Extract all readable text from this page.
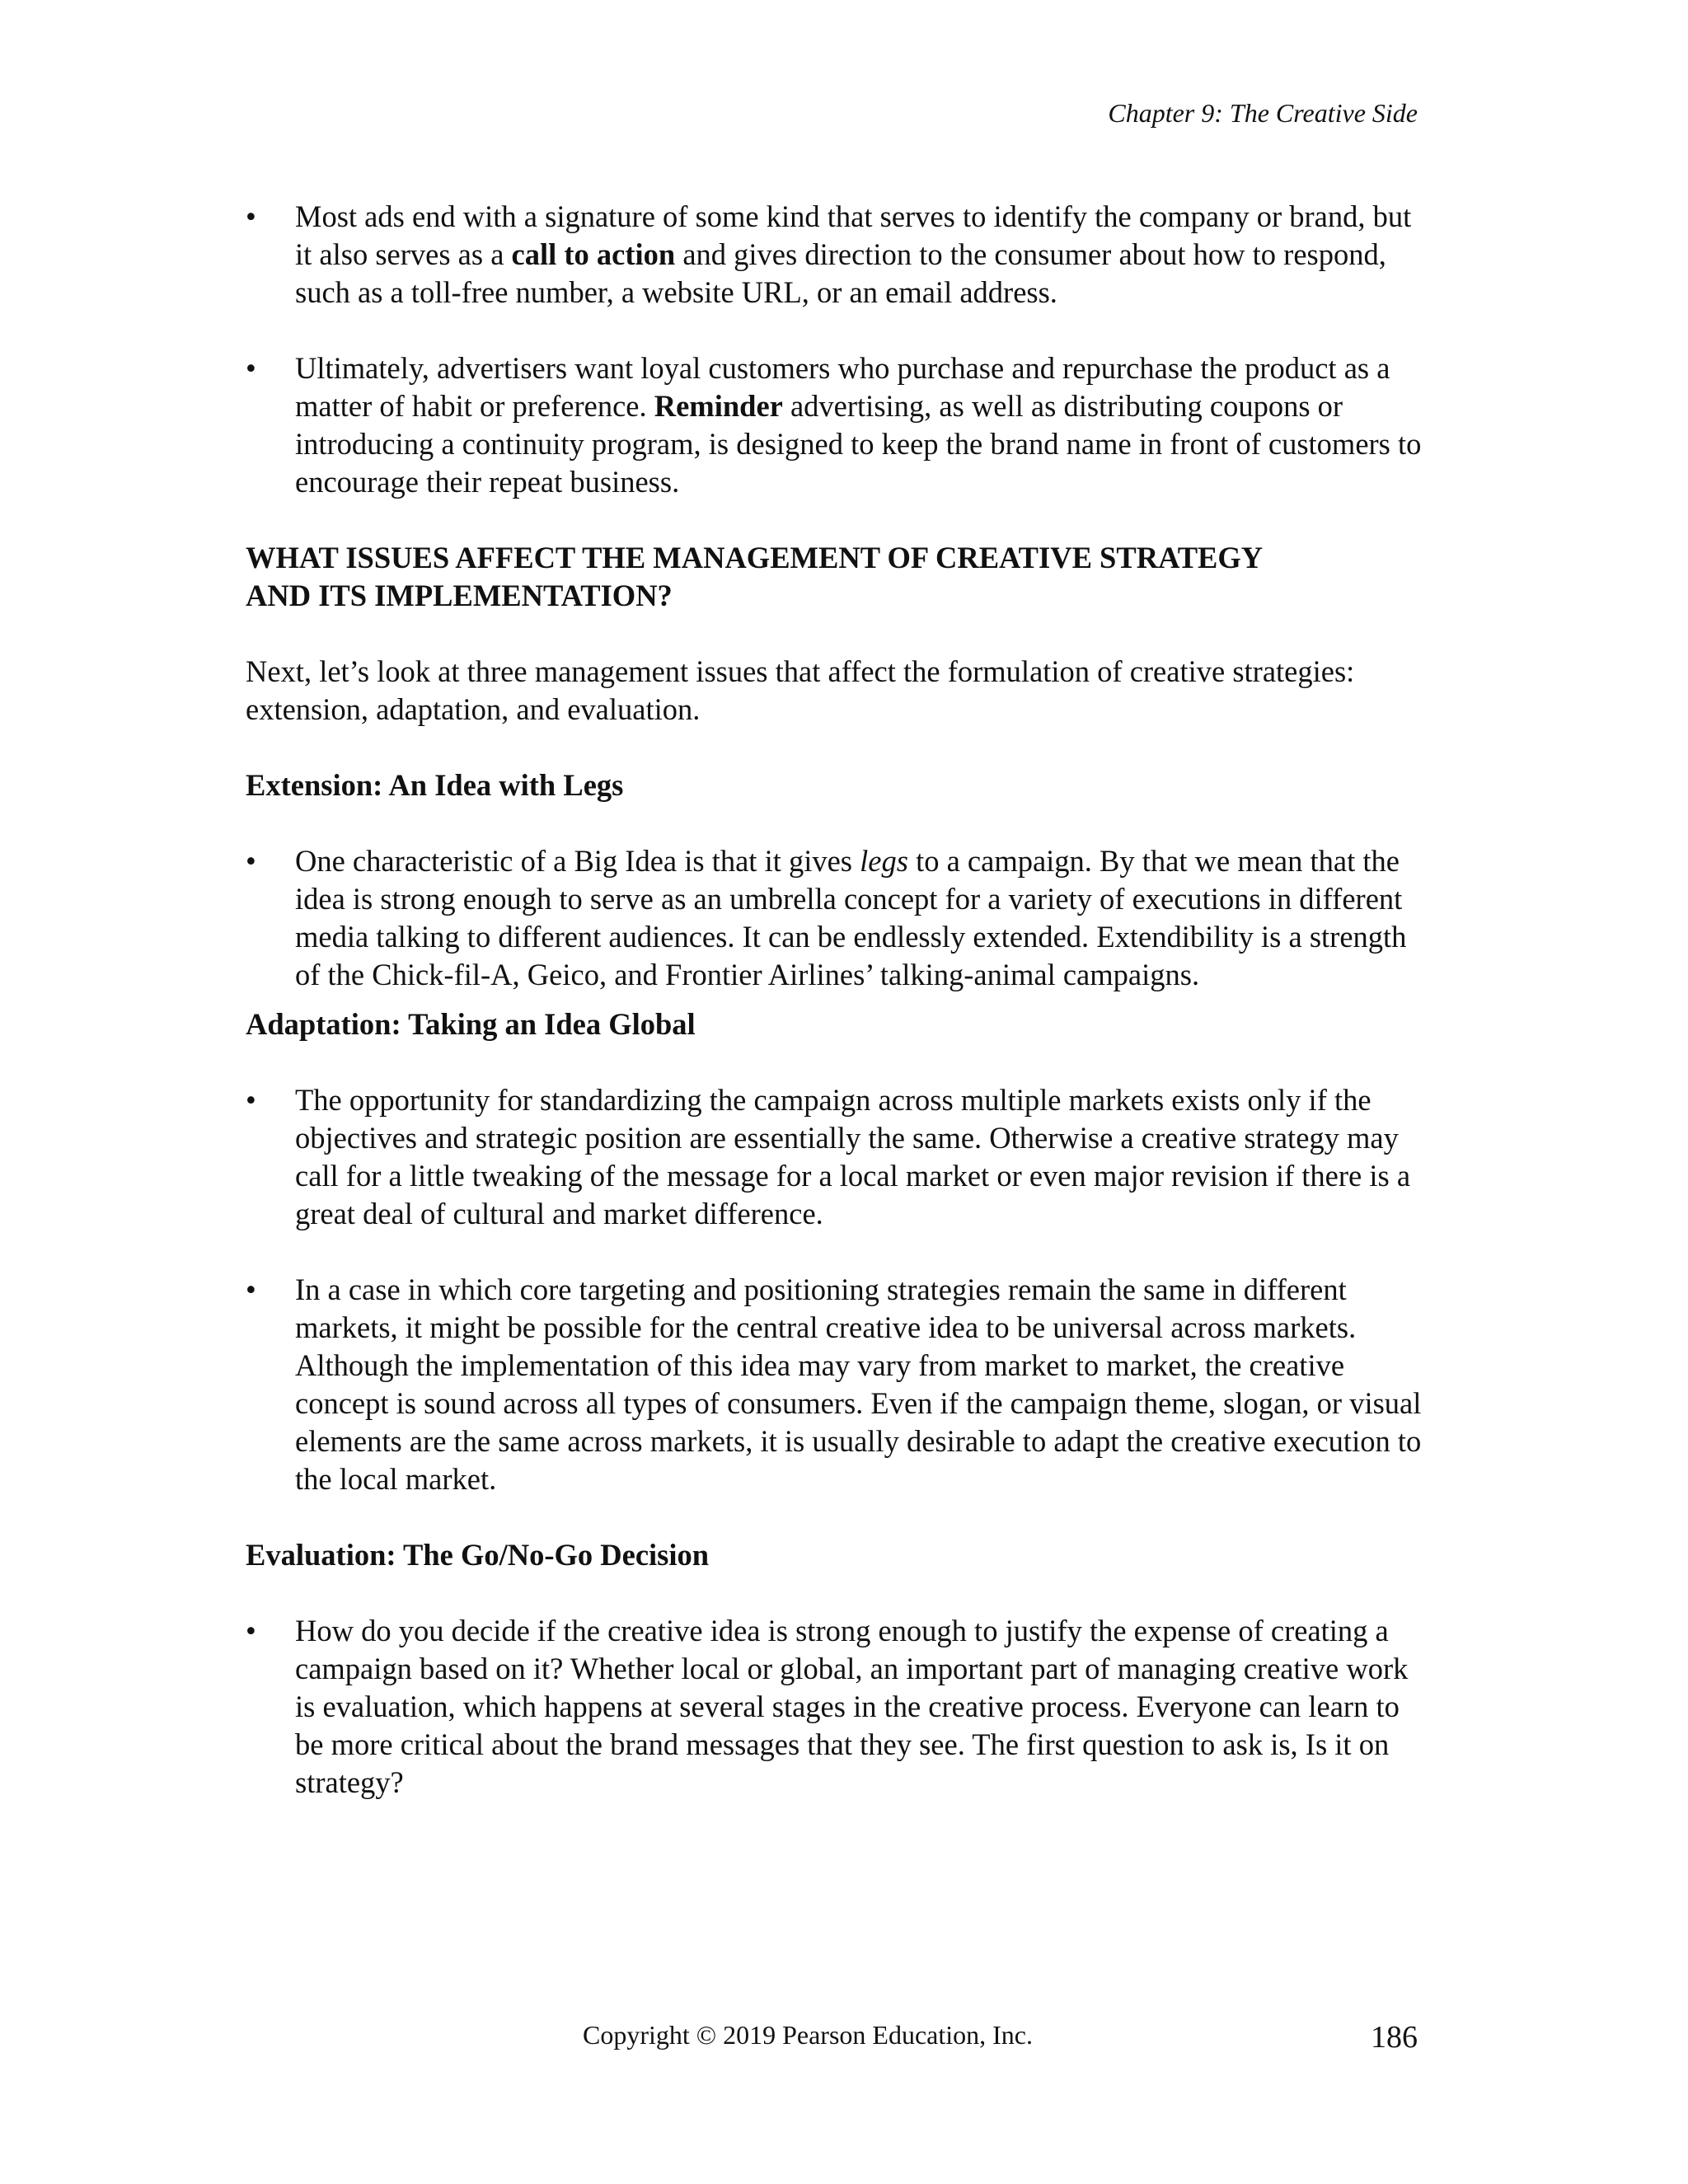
Chapter 9: The Creative Side
•	Most ads end with a signature of some kind that serves to identify the company or brand, but it also serves as a call to action and gives direction to the consumer about how to respond, such as a toll-free number, a website URL, or an email address.

•	Ultimately, advertisers want loyal customers who purchase and repurchase the product as a matter of habit or preference. Reminder advertising, as well as distributing coupons or introducing a continuity program, is designed to keep the brand name in front of customers to encourage their repeat business.

WHAT ISSUES AFFECT THE MANAGEMENT OF CREATIVE STRATEGY
AND ITS IMPLEMENTATION?

Next, let’s look at three management issues that affect the formulation of creative strategies: extension, adaptation, and evaluation.

Extension: An Idea with Legs
•	One characteristic of a Big Idea is that it gives legs to a campaign. By that we mean that the idea is strong enough to serve as an umbrella concept for a variety of executions in different media talking to different audiences. It can be endlessly extended. Extendibility is a strength of the Chick-fil-A, Geico, and Frontier Airlines’ talking-animal campaigns.

Adaptation: Taking an Idea Global
•	The opportunity for standardizing the campaign across multiple markets exists only if the objectives and strategic position are essentially the same. Otherwise a creative strategy may call for a little tweaking of the message for a local market or even major revision if there is a great deal of cultural and market difference.

•	In a case in which core targeting and positioning strategies remain the same in different markets, it might be possible for the central creative idea to be universal across markets. Although the implementation of this idea may vary from market to market, the creative concept is sound across all types of consumers. Even if the campaign theme, slogan, or visual elements are the same across markets, it is usually desirable to adapt the creative execution to the local market.

Evaluation: The Go/No-Go Decision
•	How do you decide if the creative idea is strong enough to justify the expense of creating a campaign based on it? Whether local or global, an important part of managing creative work is evaluation, which happens at several stages in the creative process. Everyone can learn to be more critical about the brand messages that they see. The first question to ask is, Is it on strategy?

Copyright © 2019 Pearson Education, Inc.	186
